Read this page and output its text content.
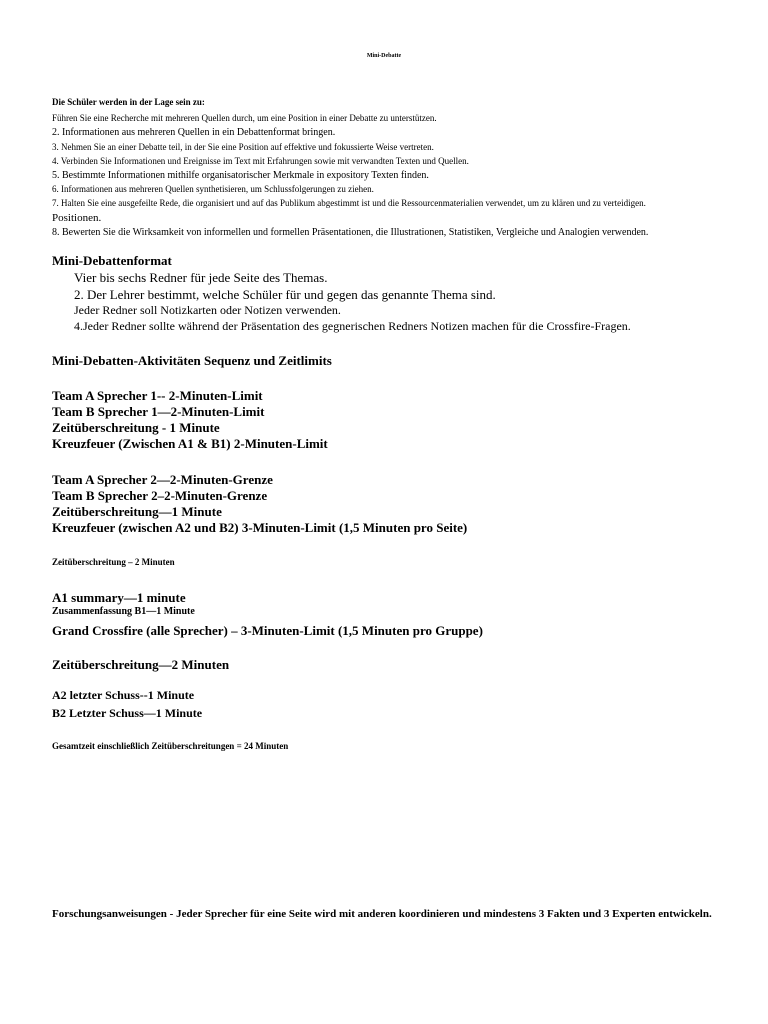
Mini-Debatte
Die Schüler werden in der Lage sein zu:
Führen Sie eine Recherche mit mehreren Quellen durch, um eine Position in einer Debatte zu unterstützen.
2. Informationen aus mehreren Quellen in ein Debattenformat bringen.
3. Nehmen Sie an einer Debatte teil, in der Sie eine Position auf effektive und fokussierte Weise vertreten.
4. Verbinden Sie Informationen und Ereignisse im Text mit Erfahrungen sowie mit verwandten Texten und Quellen.
5. Bestimmte Informationen mithilfe organisatorischer Merkmale in expository Texten finden.
6. Informationen aus mehreren Quellen synthetisieren, um Schlussfolgerungen zu ziehen.
7. Halten Sie eine ausgefeilte Rede, die organisiert und auf das Publikum abgestimmt ist und die Ressourcenmaterialien verwendet, um zu klären und zu verteidigen.
Positionen.
8. Bewerten Sie die Wirksamkeit von informellen und formellen Präsentationen, die Illustrationen, Statistiken, Vergleiche und Analogien verwenden.
Mini-Debattenformat
Vier bis sechs Redner für jede Seite des Themas.
2. Der Lehrer bestimmt, welche Schüler für und gegen das genannte Thema sind.
Jeder Redner soll Notizkarten oder Notizen verwenden.
4.Jeder Redner sollte während der Präsentation des gegnerischen Redners Notizen machen für die Crossfire-Fragen.
Mini-Debatten-Aktivitäten Sequenz und Zeitlimits
Team A Sprecher 1-- 2-Minuten-Limit
Team B Sprecher 1—2-Minuten-Limit
Zeitüberschreitung - 1 Minute
Kreuzfeuer (Zwischen A1 & B1) 2-Minuten-Limit
Team A Sprecher 2—2-Minuten-Grenze
Team B Sprecher 2–2-Minuten-Grenze
Zeitüberschreitung—1 Minute
Kreuzfeuer (zwischen A2 und B2) 3-Minuten-Limit (1,5 Minuten pro Seite)
Zeitüberschreitung – 2 Minuten
A1 summary—1 minute
Zusammenfassung B1—1 Minute
Grand Crossfire (alle Sprecher) – 3-Minuten-Limit (1,5 Minuten pro Gruppe)
Zeitüberschreitung—2 Minuten
A2 letzter Schuss--1 Minute
B2 Letzter Schuss—1 Minute
Gesamtzeit einschließlich Zeitüberschreitungen = 24 Minuten
Forschungsanweisungen - Jeder Sprecher für eine Seite wird mit anderen koordinieren und mindestens 3 Fakten und 3 Experten entwickeln.
